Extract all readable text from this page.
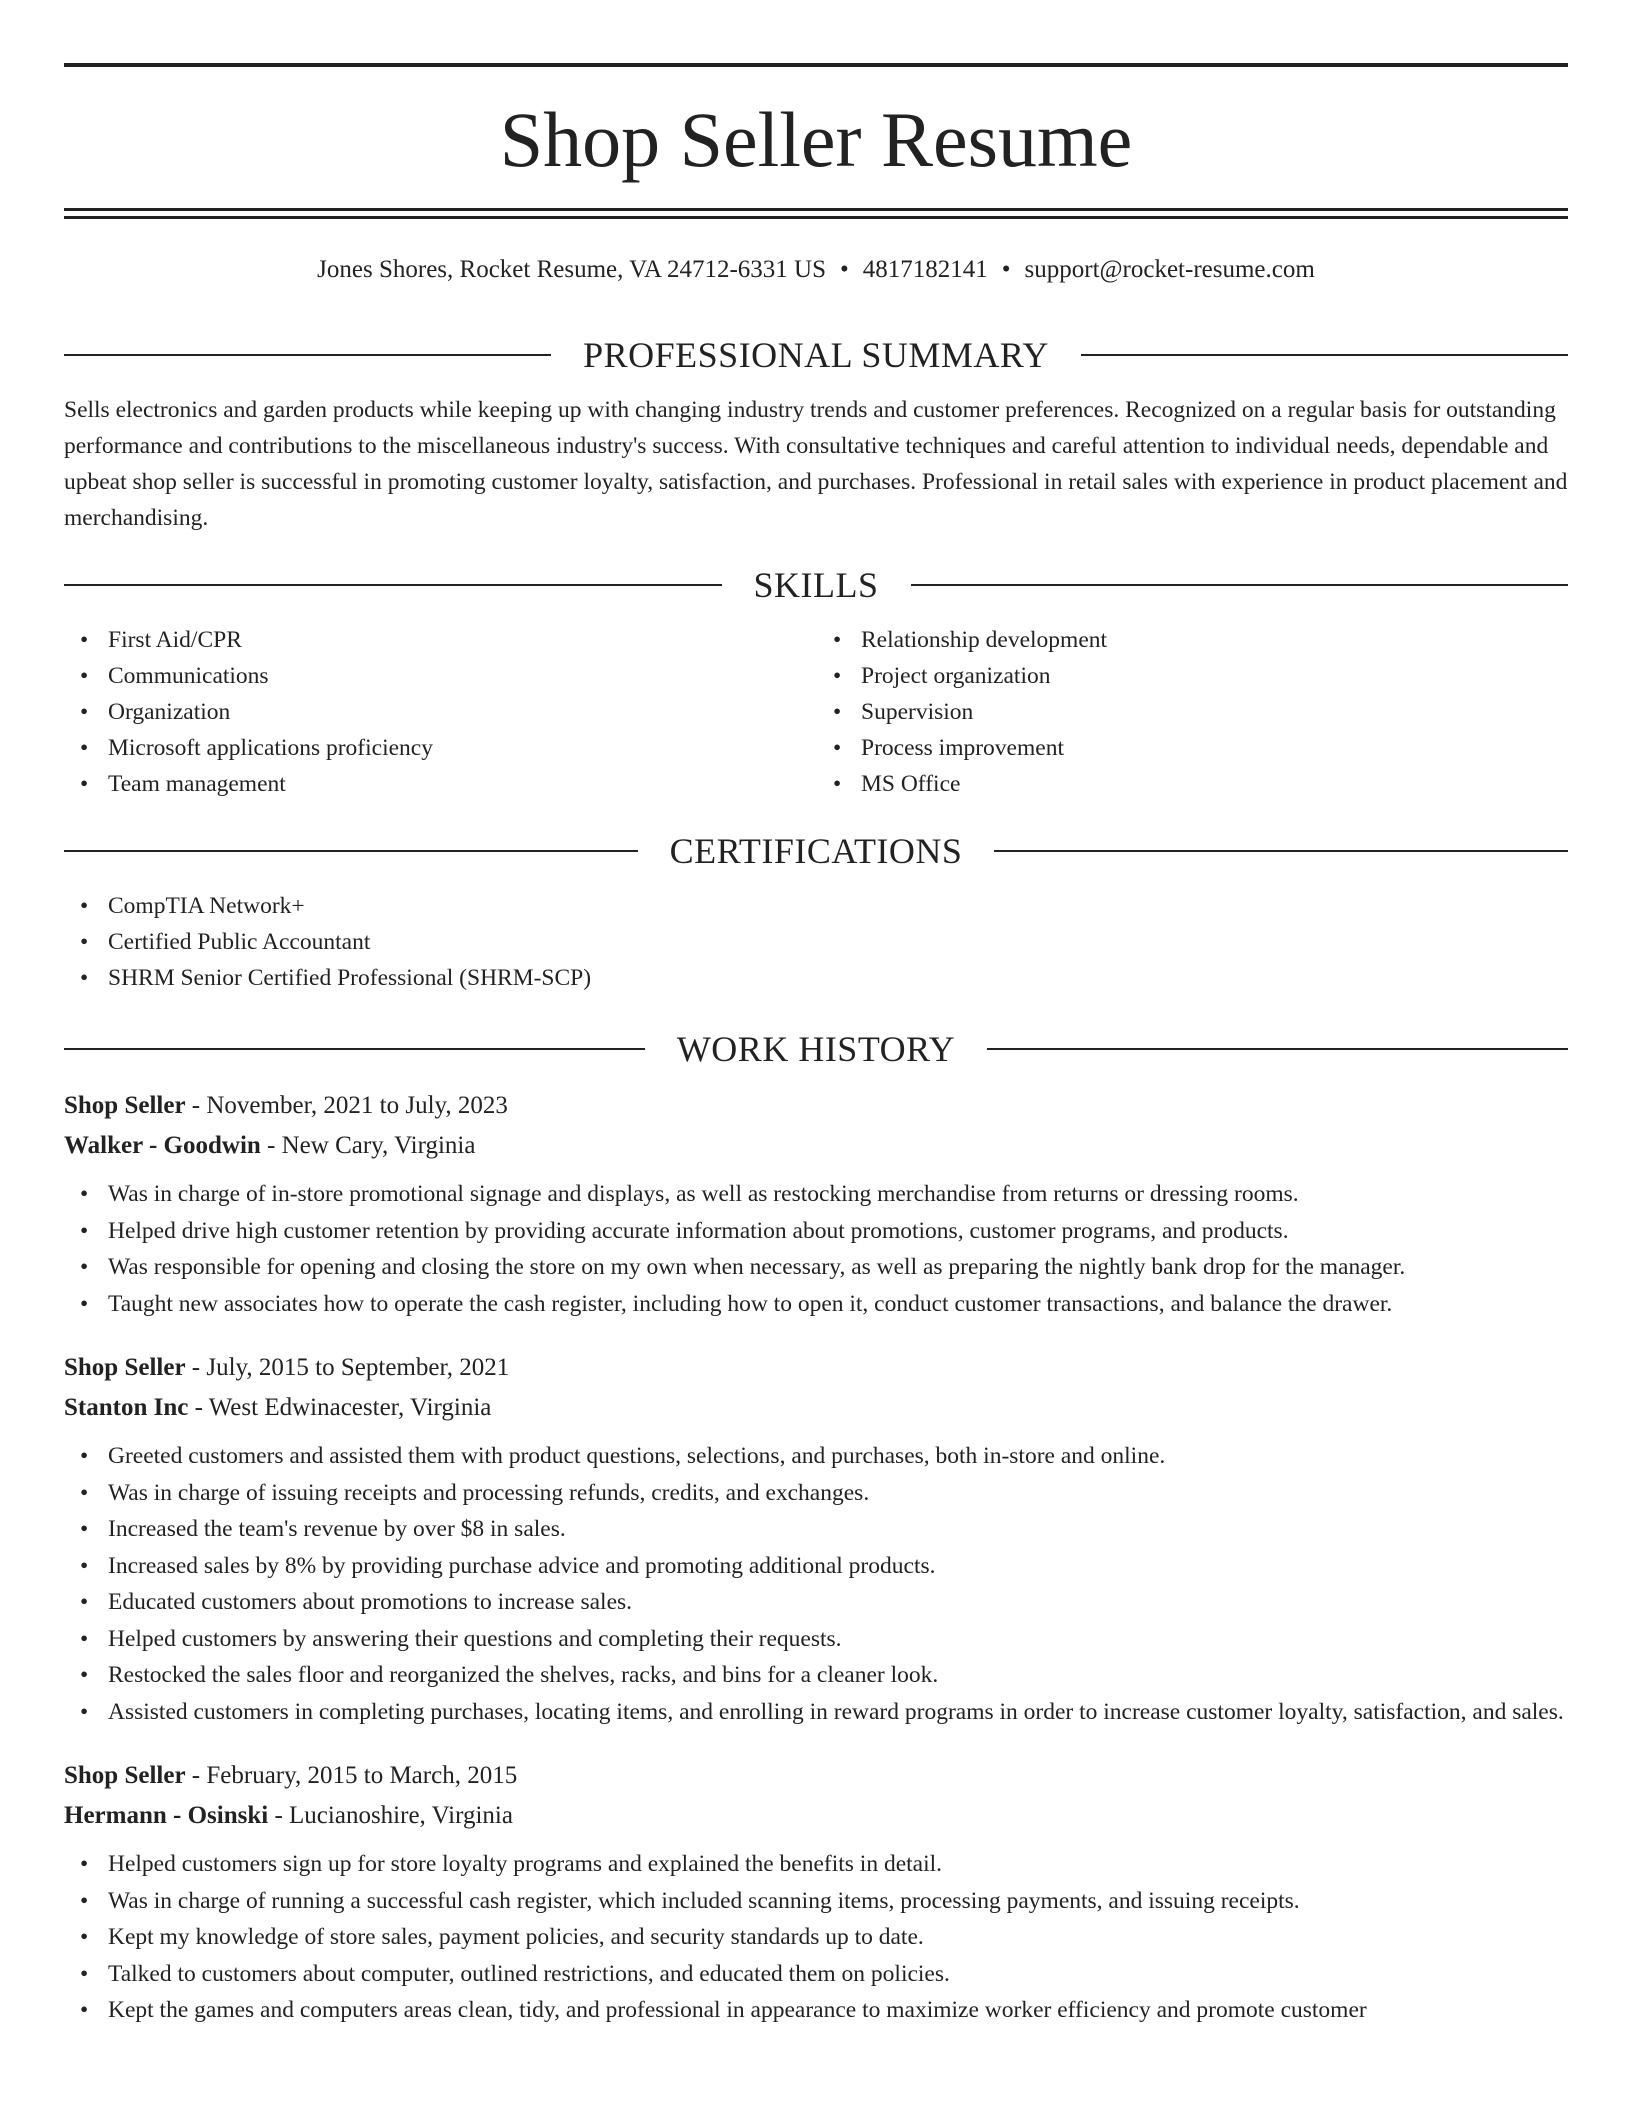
Shop Seller Resume
Jones Shores, Rocket Resume, VA 24712-6331 US • 4817182141 • support@rocket-resume.com
PROFESSIONAL SUMMARY

Sells electronics and garden products while keeping up with changing industry trends and customer preferences. Recognized on a regular basis for outstanding performance and contributions to the miscellaneous industry's success. With consultative techniques and careful attention to individual needs, dependable and upbeat shop seller is successful in promoting customer loyalty, satisfaction, and purchases. Professional in retail sales with experience in product placement and merchandising.

SKILLS
• First Aid/CPR
• Communications
• Organization
• Microsoft applications proficiency
• Team management
• Relationship development
• Project organization
• Supervision
• Process improvement
• MS Office
CERTIFICATIONS
• CompTIA Network+
• Certified Public Accountant
• SHRM Senior Certified Professional (SHRM-SCP)
WORK HISTORY
Shop Seller - November, 2021 to July, 2023
Walker - Goodwin - New Cary, Virginia
• Was in charge of in-store promotional signage and displays, as well as restocking merchandise from returns or dressing rooms.
• Helped drive high customer retention by providing accurate information about promotions, customer programs, and products.
• Was responsible for opening and closing the store on my own when necessary, as well as preparing the nightly bank drop for the manager.
• Taught new associates how to operate the cash register, including how to open it, conduct customer transactions, and balance the drawer.
Shop Seller - July, 2015 to September, 2021
Stanton Inc - West Edwinacester, Virginia
• Greeted customers and assisted them with product questions, selections, and purchases, both in-store and online.
• Was in charge of issuing receipts and processing refunds, credits, and exchanges.
• Increased the team's revenue by over $8 in sales.
• Increased sales by 8% by providing purchase advice and promoting additional products.
• Educated customers about promotions to increase sales.
• Helped customers by answering their questions and completing their requests.
• Restocked the sales floor and reorganized the shelves, racks, and bins for a cleaner look.
• Assisted customers in completing purchases, locating items, and enrolling in reward programs in order to increase customer loyalty, satisfaction, and sales.
Shop Seller - February, 2015 to March, 2015
Hermann - Osinski - Lucianoshire, Virginia
• Helped customers sign up for store loyalty programs and explained the benefits in detail.
• Was in charge of running a successful cash register, which included scanning items, processing payments, and issuing receipts.
• Kept my knowledge of store sales, payment policies, and security standards up to date.
• Talked to customers about computer, outlined restrictions, and educated them on policies.
• Kept the games and computers areas clean, tidy, and professional in appearance to maximize worker efficiency and promote customer
